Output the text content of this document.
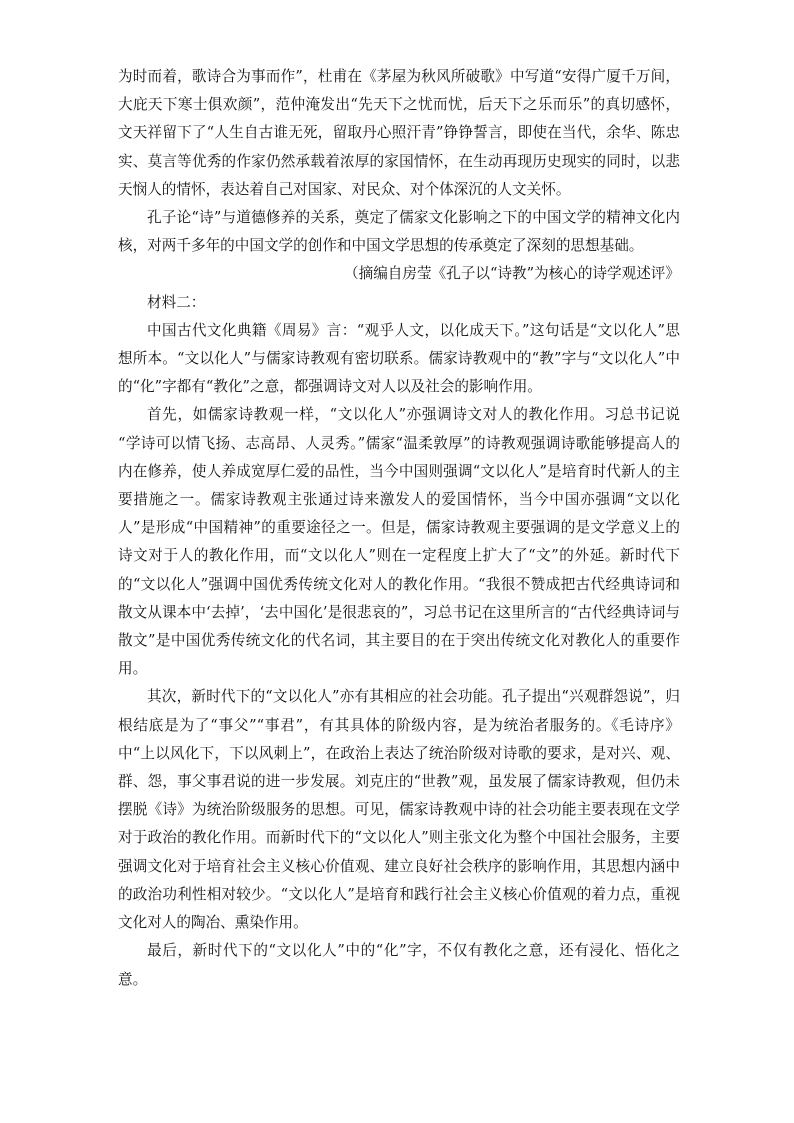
为时而着，歌诗合为事而作”，杜甫在《茅屋为秋风所破歌》中写道“安得广厦千万间，大庇天下寒士俱欢颜”，范仲淹发出“先天下之忧而忧，后天下之乐而乐”的真切感怀，文天祥留下了“人生自古谁无死，留取丹心照汗青”铮铮誓言，即使在当代，余华、陈忠实、莫言等优秀的作家仍然承载着浓厚的家国情怀，在生动再现历史现实的同时，以悲天悯人的情怀，表达着自己对国家、对民众、对个体深沉的人文关怀。

孔子论“诗”与道德修养的关系，奠定了儒家文化影响之下的中国文学的精神文化内核，对两千多年的中国文学的创作和中国文学思想的传承奠定了深刻的思想基础。

（摘编自房莹《孔子以“诗教”为核心的诗学观述评》

材料二：

中国古代文化典籍《周易》言：“观乎人文，以化成天下。”这句话是“文以化人”思想所本。“文以化人”与儒家诗教观有密切联系。儒家诗教观中的“教”字与“文以化人”中的“化”字都有“教化”之意，都强调诗文对人以及社会的影响作用。

首先，如儒家诗教观一样，“文以化人”亦强调诗文对人的教化作用。习总书记说 “学诗可以情飞扬、志高昂、人灵秀。”儒家“温柔敦厚”的诗教观强调诗歌能够提高人的内在修养，使人养成宽厚仁爱的品性，当今中国则强调“文以化人”是培育时代新人的主要措施之一。儒家诗教观主张通过诗来激发人的爱国情怀，当今中国亦强调“文以化人”是形成“中国精神”的重要途径之一。但是，儒家诗教观主要强调的是文学意义上的诗文对于人的教化作用，而“文以化人”则在一定程度上扩大了“文”的外延。新时代下的“文以化人”强调中国优秀传统文化对人的教化作用。“我很不赞成把古代经典诗词和散文从课本中‘去掉’，‘去中国化’是很悲哀的”，习总书记在这里所言的“古代经典诗词与散文”是中国优秀传统文化的代名词，其主要目的在于突出传统文化对教化人的重要作用。

其次，新时代下的“文以化人”亦有其相应的社会功能。孔子提出“兴观群怨说”，归根结底是为了“事父”“事君”，有其具体的阶级内容，是为统治者服务的。《毛诗序》中“上以风化下，下以风刺上”，在政治上表达了统治阶级对诗歌的要求，是对兴、观、群、怨，事父事君说的进一步发展。刘克庄的“世教”观，虽发展了儒家诗教观，但仍未摆脱《诗》为统治阶级服务的思想。可见，儒家诗教观中诗的社会功能主要表现在文学对于政治的教化作用。而新时代下的“文以化人”则主张文化为整个中国社会服务，主要强调文化对于培育社会主义核心价值观、建立良好社会秩序的影响作用，其思想内涵中的政治功利性相对较少。“文以化人”是培育和践行社会主义核心价值观的着力点，重视文化对人的陶冶、熏染作用。

最后，新时代下的“文以化人”中的“化”字，不仅有教化之意，还有浸化、悟化之意。
